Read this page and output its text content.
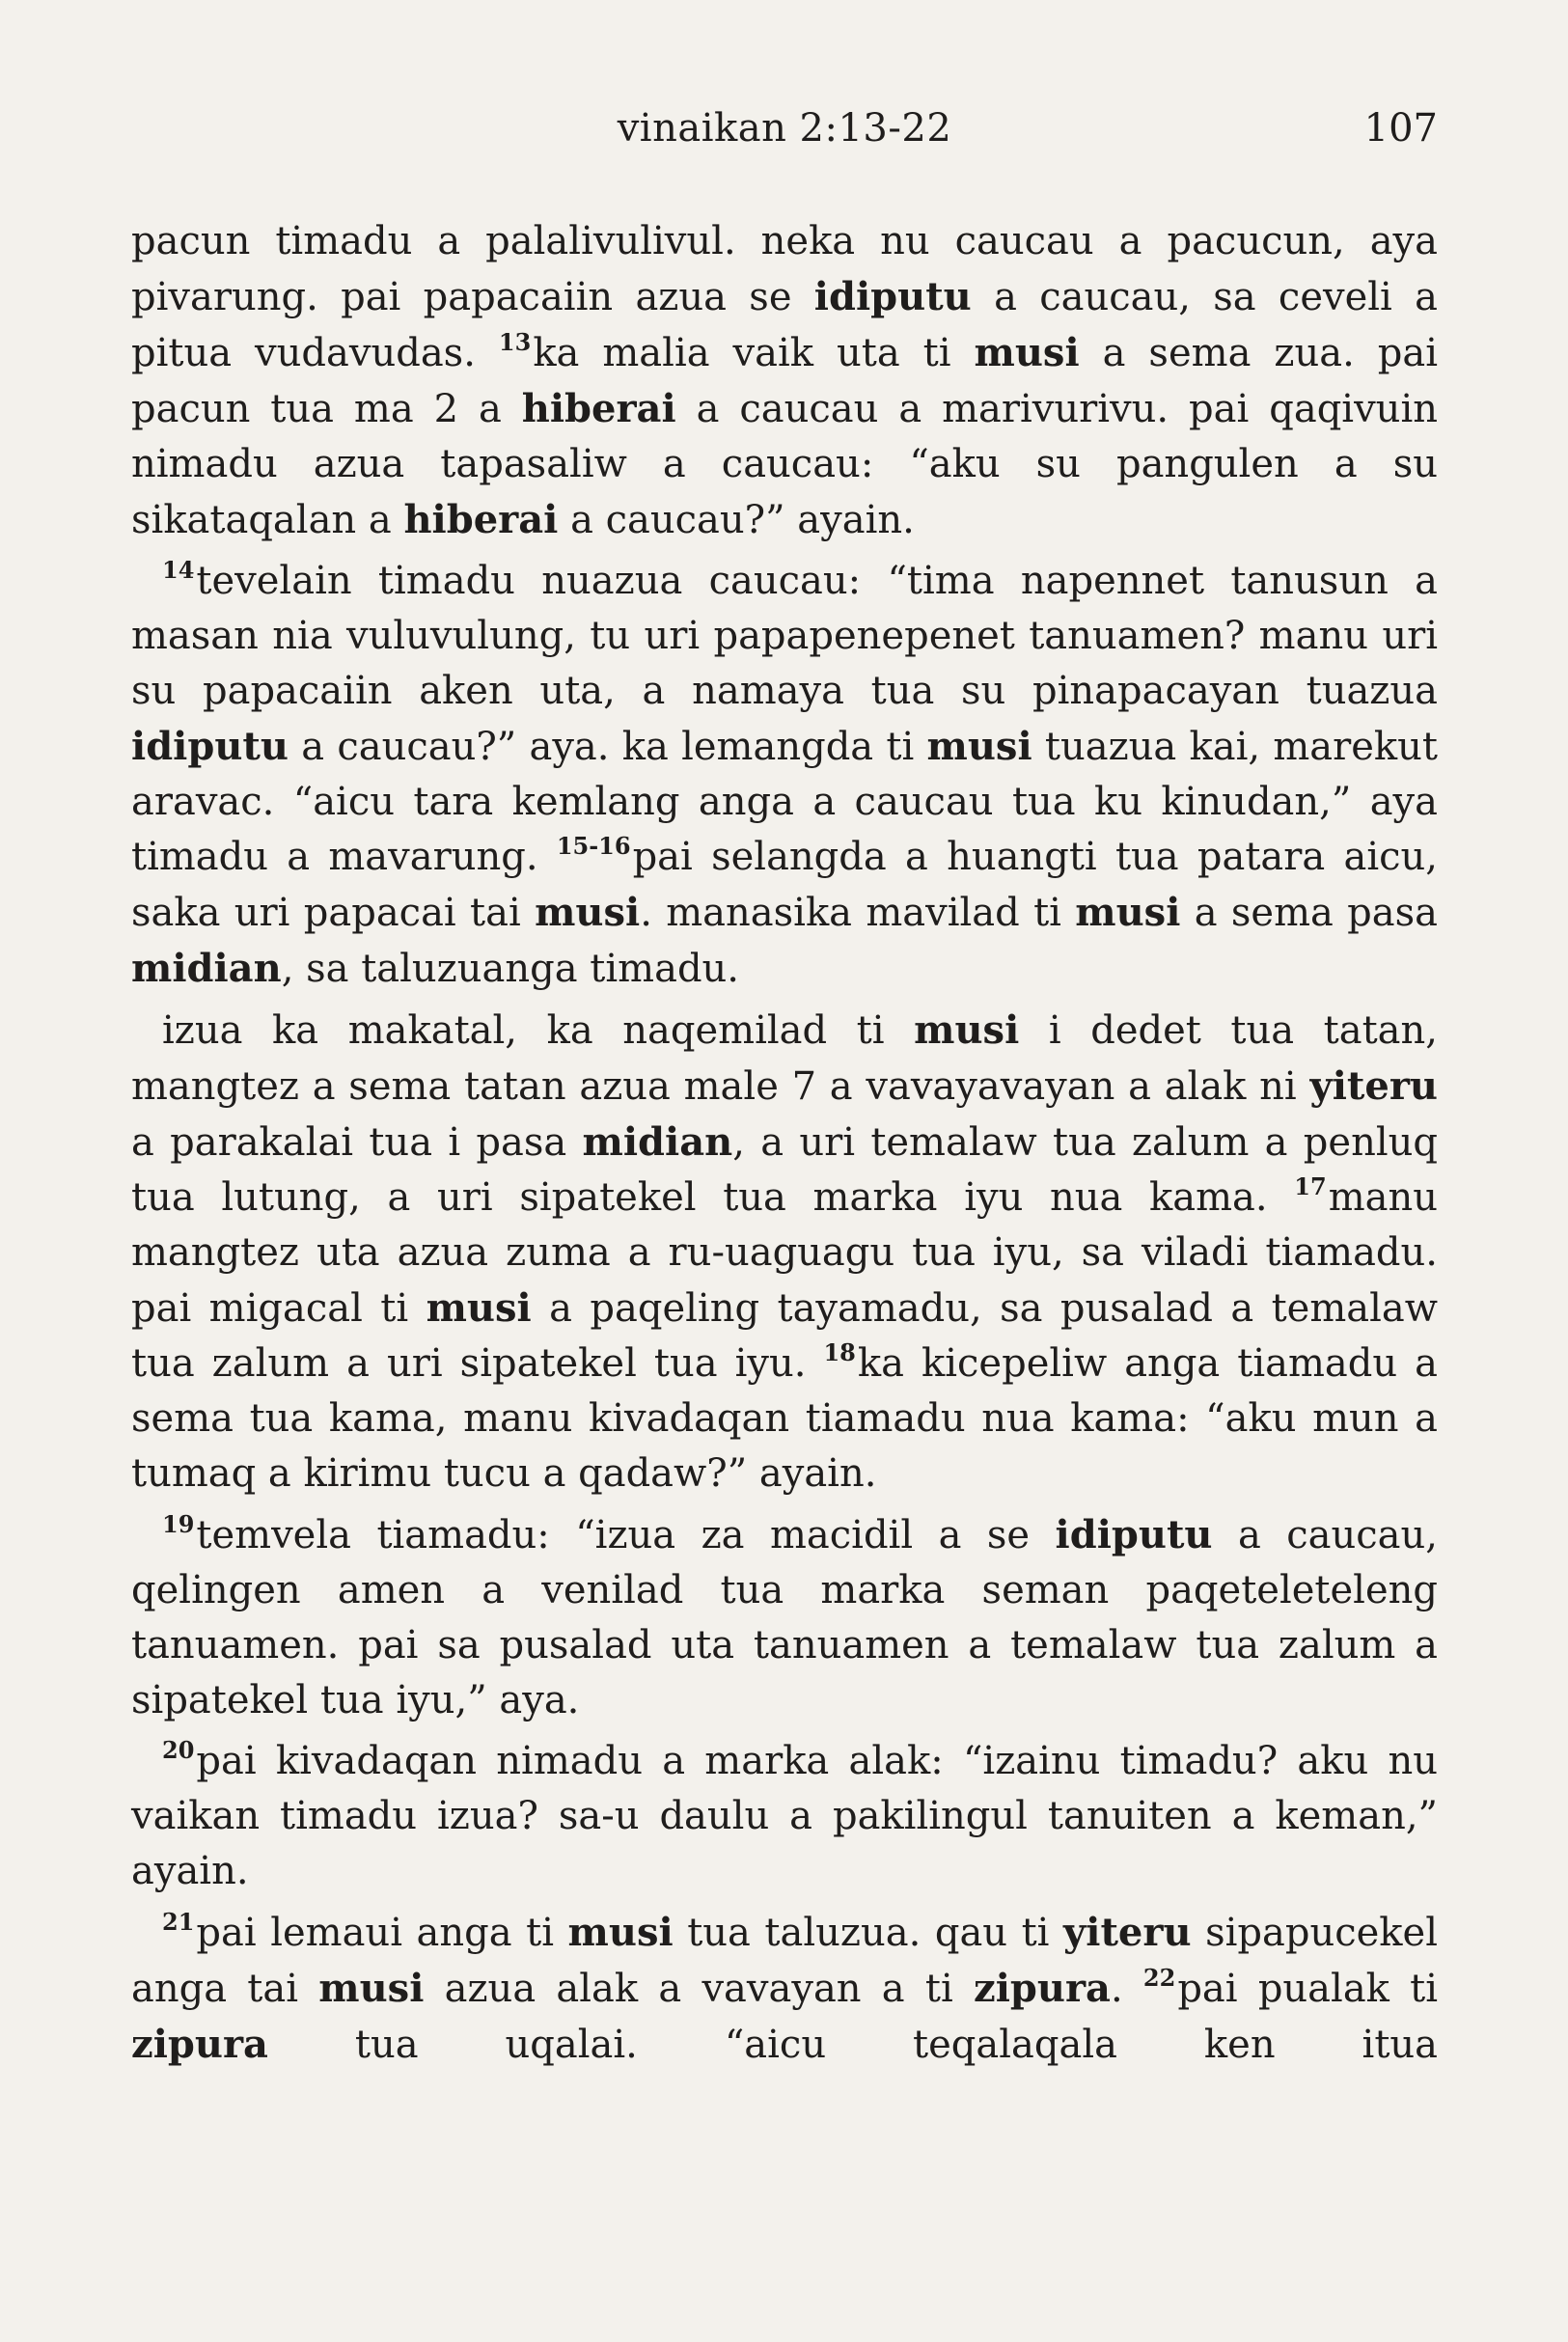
vinaikan 2:13-22	107

pacun timadu a palalivulivul. neka nu caucau a pacucun, aya pivarung. pai papacaiin azua se idiputu a caucau, sa ceveli a pitua vudavudas. $^{13}$ka malia vaik uta ti musi a sema zua. pai pacun tua ma 2 a hiberai a caucau a marivurivu. pai qaqivuin nimadu azua tapasaliw a caucau: “aku su pangulen a su sikataqalan a hiberai a caucau?” ayain.

$^{14}$tevelain timadu nuazua caucau: “tima napennet tanusun a masan nia vuluvulung, tu uri papapenepenet tanuamen? manu uri su papacaiin aken uta, a namaya tua su pinapacayan tuazua idiputu a caucau?” aya. ka lemangda ti musi tuazua kai, marekut aravac. “aicu tara kemlang anga a caucau tua ku kinudan,” aya timadu a mavarung. $^{15-16}$pai selangda a huangti tua patara aicu, saka uri papacai tai musi. manasika mavilad ti musi a sema pasa midian, sa taluzuanga timadu.

izua ka makatal, ka naqemilad ti musi i dedet tua tatan, mangtez a sema tatan azua male 7 a vavayavayan a alak ni yiteru a parakalai tua i pasa midian, a uri temalaw tua zalum a penluq tua lutung, a uri sipatekel tua marka iyu nua kama. $^{17}$manu mangtez uta azua zuma a ru-uaguagu tua iyu, sa viladi tiamadu. pai migacal ti musi a paqeling tayamadu, sa pusalad a temalaw tua zalum a uri sipatekel tua iyu. $^{18}$ka kicepeliw anga tiamadu a sema tua kama, manu kivadaqan tiamadu nua kama: “aku mun a tumaq a kirimu tucu a qadaw?” ayain.

$^{19}$temvela tiamadu: “izua za macidil a se idiputu a caucau, qelingen amen a venilad tua marka seman paqeteleteleng tanuamen. pai sa pusalad uta tanuamen a temalaw tua zalum a sipatekel tua iyu,” aya.

$^{20}$pai kivadaqan nimadu a marka alak: “izainu timadu? aku nu vaikan timadu izua? sa-u daulu a pakilingul tanuiten a keman,” ayain.

$^{21}$pai lemaui anga ti musi tua taluzua. qau ti yiteru sipapucekel anga tai musi azua alak a vavayan a ti zipura. $^{22}$pai pualak ti zipura tua uqalai. “aicu teqalaqala ken itua
